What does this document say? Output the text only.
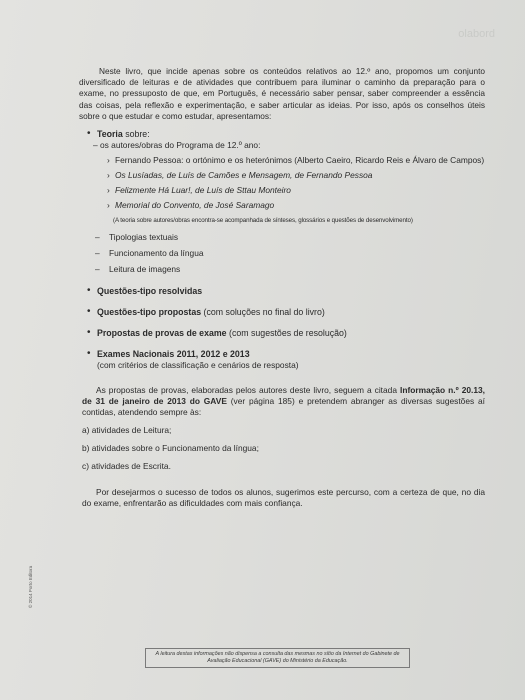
olabord

Neste livro, que incide apenas sobre os conteúdos relativos ao 12.º ano, propomos um conjunto diversificado de leituras e de atividades que contribuem para iluminar o caminho da preparação para o exame, no pressuposto de que, em Português, é necessário saber pensar, saber compreender a essência das coisas, pela reflexão e experimentação, e saber articular as ideias. Por isso, após os conselhos úteis sobre o que estudar e como estudar, apresentamos:

• Teoria sobre:
– os autores/obras do Programa de 12.º ano:
› Fernando Pessoa: o ortónimo e os heterónimos (Alberto Caeiro, Ricardo Reis e Álvaro de Campos)
› Os Lusíadas, de Luís de Camões e Mensagem, de Fernando Pessoa
› Felizmente Há Luar!, de Luís de Sttau Monteiro
› Memorial do Convento, de José Saramago
(A teoria sobre autores/obras encontra-se acompanhada de sínteses, glossários e questões de desenvolvimento)
–	Tipologias textuais
–	Funcionamento da língua
–	Leitura de imagens
• Questões-tipo resolvidas
• Questões-tipo propostas (com soluções no final do livro)
• Propostas de provas de exame (com sugestões de resolução)
• Exames Nacionais 2011, 2012 e 2013
(com critérios de classificação e cenários de resposta)

As propostas de provas, elaboradas pelos autores deste livro, seguem a citada Informação n.º 20.13, de 31 de janeiro de 2013 do GAVE (ver página 185) e pretendem abranger as diversas sugestões aí contidas, atendendo sempre às:

a) atividades de Leitura;
b) atividades sobre o Funcionamento da língua;
c) atividades de Escrita.

Por desejarmos o sucesso de todos os alunos, sugerimos este percurso, com a certeza de que, no dia do exame, enfrentarão as dificuldades com mais confiança.

© 2014 Porto Editora
A leitura destas informações não dispensa a consulta das mesmas no sítio da Internet do Gabinete de Avaliação Educacional (GAVE) do Ministério da Educação.
